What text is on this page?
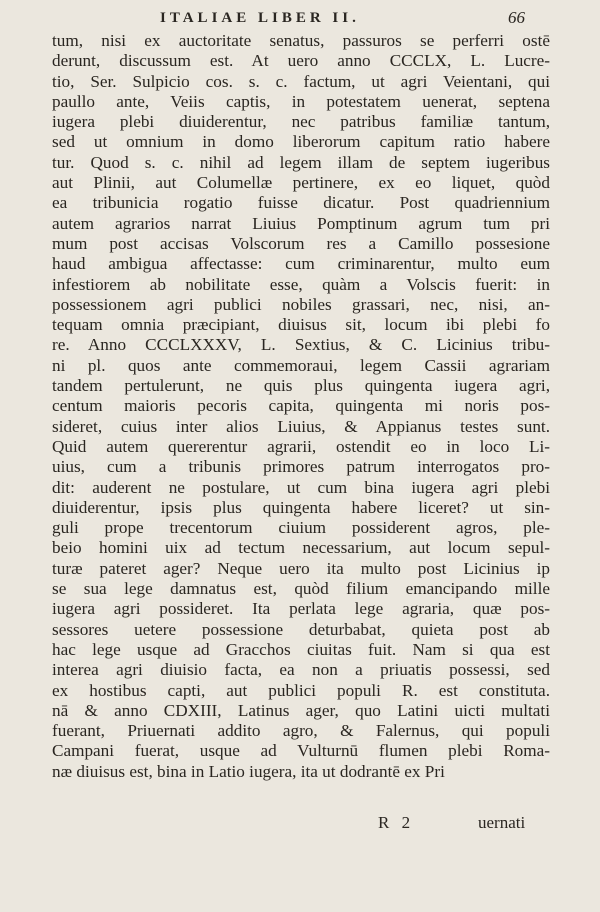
ITALIAE LIBER II.	66
tum, nisi ex auctoritate senatus, passuros se perferri ostē
derunt, discussum est. At uero anno CCCLX, L. Lucre-
tio, Ser. Sulpicio cos. s. c. factum, ut agri Veientani, qui
paullo ante, Veiis captis, in potestatem uenerat, septena
iugera plebi diuiderentur, nec patribus familiæ tantum,
sed ut omnium in domo liberorum capitum ratio habere
tur. Quod s. c. nihil ad legem illam de septem iugeribus
aut Plinii, aut Columellæ pertinere, ex eo liquet, quòd
ea tribunicia rogatio fuisse dicatur. Post quadriennium
autem agrarios narrat Liuius Pomptinum agrum tum pri
mum post accisas Volscorum res a Camillo possesione
haud ambigua affectasse: cum criminarentur, multo eum
infestiorem ab nobilitate esse, quàm a Volscis fuerit: in
possessionem agri publici nobiles grassari, nec, nisi, an-
tequam omnia præcipiant, diuisus sit, locum ibi plebi fo
re. Anno CCCLXXXV, L. Sextius, & C. Licinius tribu-
ni pl. quos ante commemoraui, legem Cassii agrariam
tandem pertulerunt, ne quis plus quingenta iugera agri,
centum maioris pecoris capita, quingenta mi noris pos-
sideret, cuius inter alios Liuius, & Appianus testes sunt.
Quid autem quererentur agrarii, ostendit eo in loco Li-
uius, cum a tribunis primores patrum interrogatos pro-
dit: auderent ne postulare, ut cum bina iugera agri plebi
diuiderentur, ipsis plus quingenta habere liceret? ut sin-
guli prope trecentorum ciuium possiderent agros, ple-
beio homini uix ad tectum necessarium, aut locum sepul-
turæ pateret ager? Neque uero ita multo post Licinius ip
se sua lege damnatus est, quòd filium emancipando mille
iugera agri possideret. Ita perlata lege agraria, quæ pos-
sessores uetere possessione deturbabat, quieta post ab
hac lege usque ad Gracchos ciuitas fuit. Nam si qua est
interea agri diuisio facta, ea non a priuatis possessi, sed
ex hostibus capti, aut publici populi R. est constituta.
nā & anno CDXIII, Latinus ager, quo Latini uicti multati
fuerant, Priuernati addito agro, & Falernus, qui populi
Campani fuerat, usque ad Vulturnū flumen plebi Roma-
næ diuisus est, bina in Latio iugera, ita ut dodrantē ex Pri
R 2	uernati
